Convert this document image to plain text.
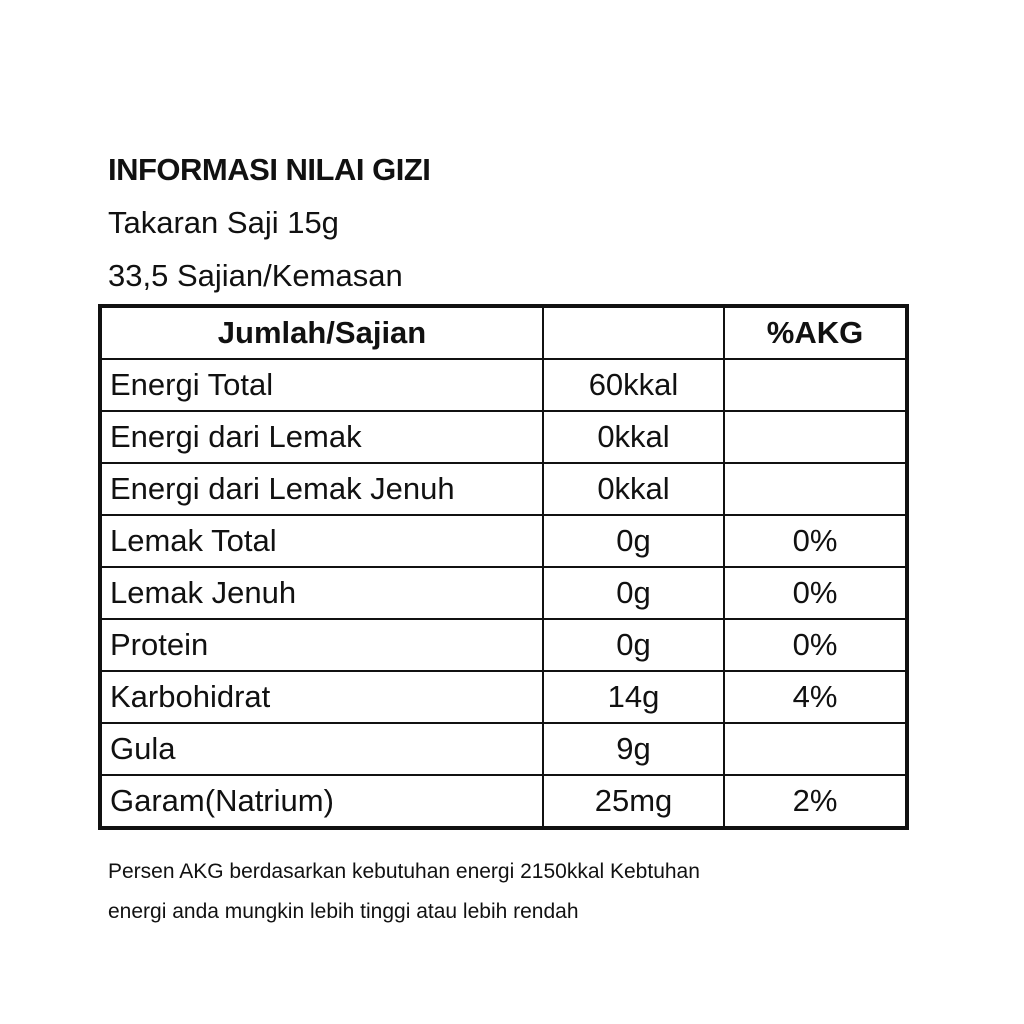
INFORMASI NILAI GIZI
Takaran Saji 15g
33,5 Sajian/Kemasan
Jumlah/Sajian		%AKG
Energi Total	60kkal	
Energi dari Lemak	0kkal	
Energi dari Lemak Jenuh	0kkal	
Lemak Total	0g	0%
Lemak Jenuh	0g	0%
Protein	0g	0%
Karbohidrat	14g	4%
Gula	9g	
Garam(Natrium)	25mg	2%
Persen AKG berdasarkan kebutuhan energi 2150kkal Kebtuhan
energi anda mungkin lebih tinggi atau lebih rendah
